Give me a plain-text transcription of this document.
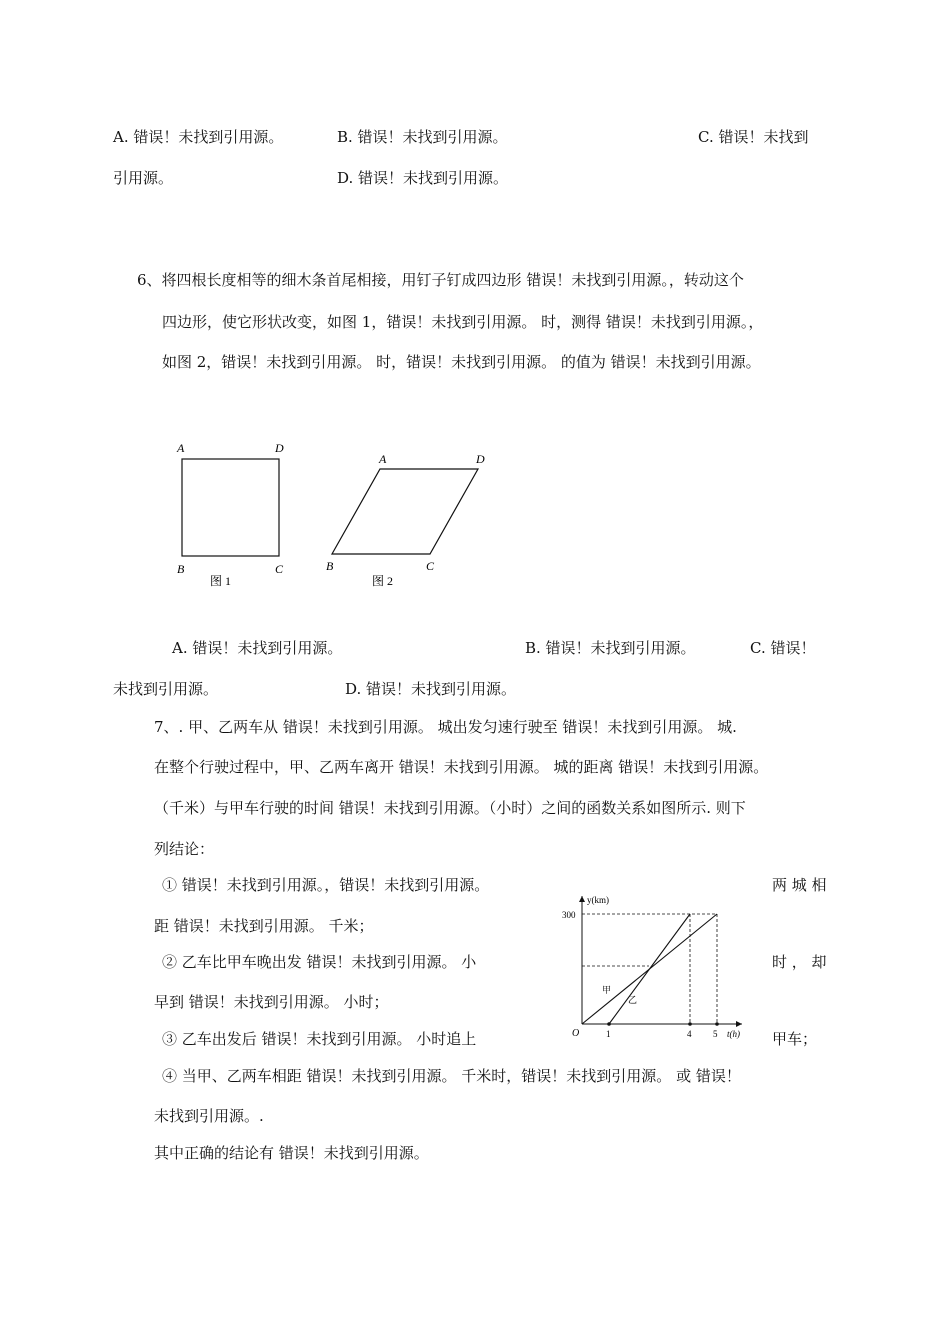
A. 错误！未找到引用源。	B. 错误！未找到引用源。	C. 错误！未找到
引用源。	D. 错误！未找到引用源。
6、将四根长度相等的细木条首尾相接，用钉子钉成四边形 错误！未找到引用源。，转动这个
四边形，使它形状改变，如图 1，错误！未找到引用源。 时，测得 错误！未找到引用源。，
如图 2，错误！未找到引用源。 时，错误！未找到引用源。 的值为 错误！未找到引用源。
A	D
B	C
图 1
A	D
B	C
图 2
A. 错误！未找到引用源。	B. 错误！未找到引用源。	C. 错误！
未找到引用源。	D. 错误！未找到引用源。
7、. 甲、乙两车从 错误！未找到引用源。 城出发匀速行驶至 错误！未找到引用源。 城.
在整个行驶过程中，甲、乙两车离开 错误！未找到引用源。 城的距离 错误！未找到引用源。
（千米）与甲车行驶的时间 错误！未找到引用源。（小时）之间的函数关系如图所示. 则下
列结论：
① 错误！未找到引用源。，错误！未找到引用源。	两 城 相
距 错误！未找到引用源。 千米；
② 乙车比甲车晚出发 错误！未找到引用源。 小	时 ， 却
早到 错误！未找到引用源。 小时；
③ 乙车出发后 错误！未找到引用源。 小时追上	甲车；
④ 当甲、乙两车相距 错误！未找到引用源。 千米时，错误！未找到引用源。 或 错误！
未找到引用源。.
其中正确的结论有 错误！未找到引用源。
y(km)
t(h)
O
300
甲
乙
1	4 5
